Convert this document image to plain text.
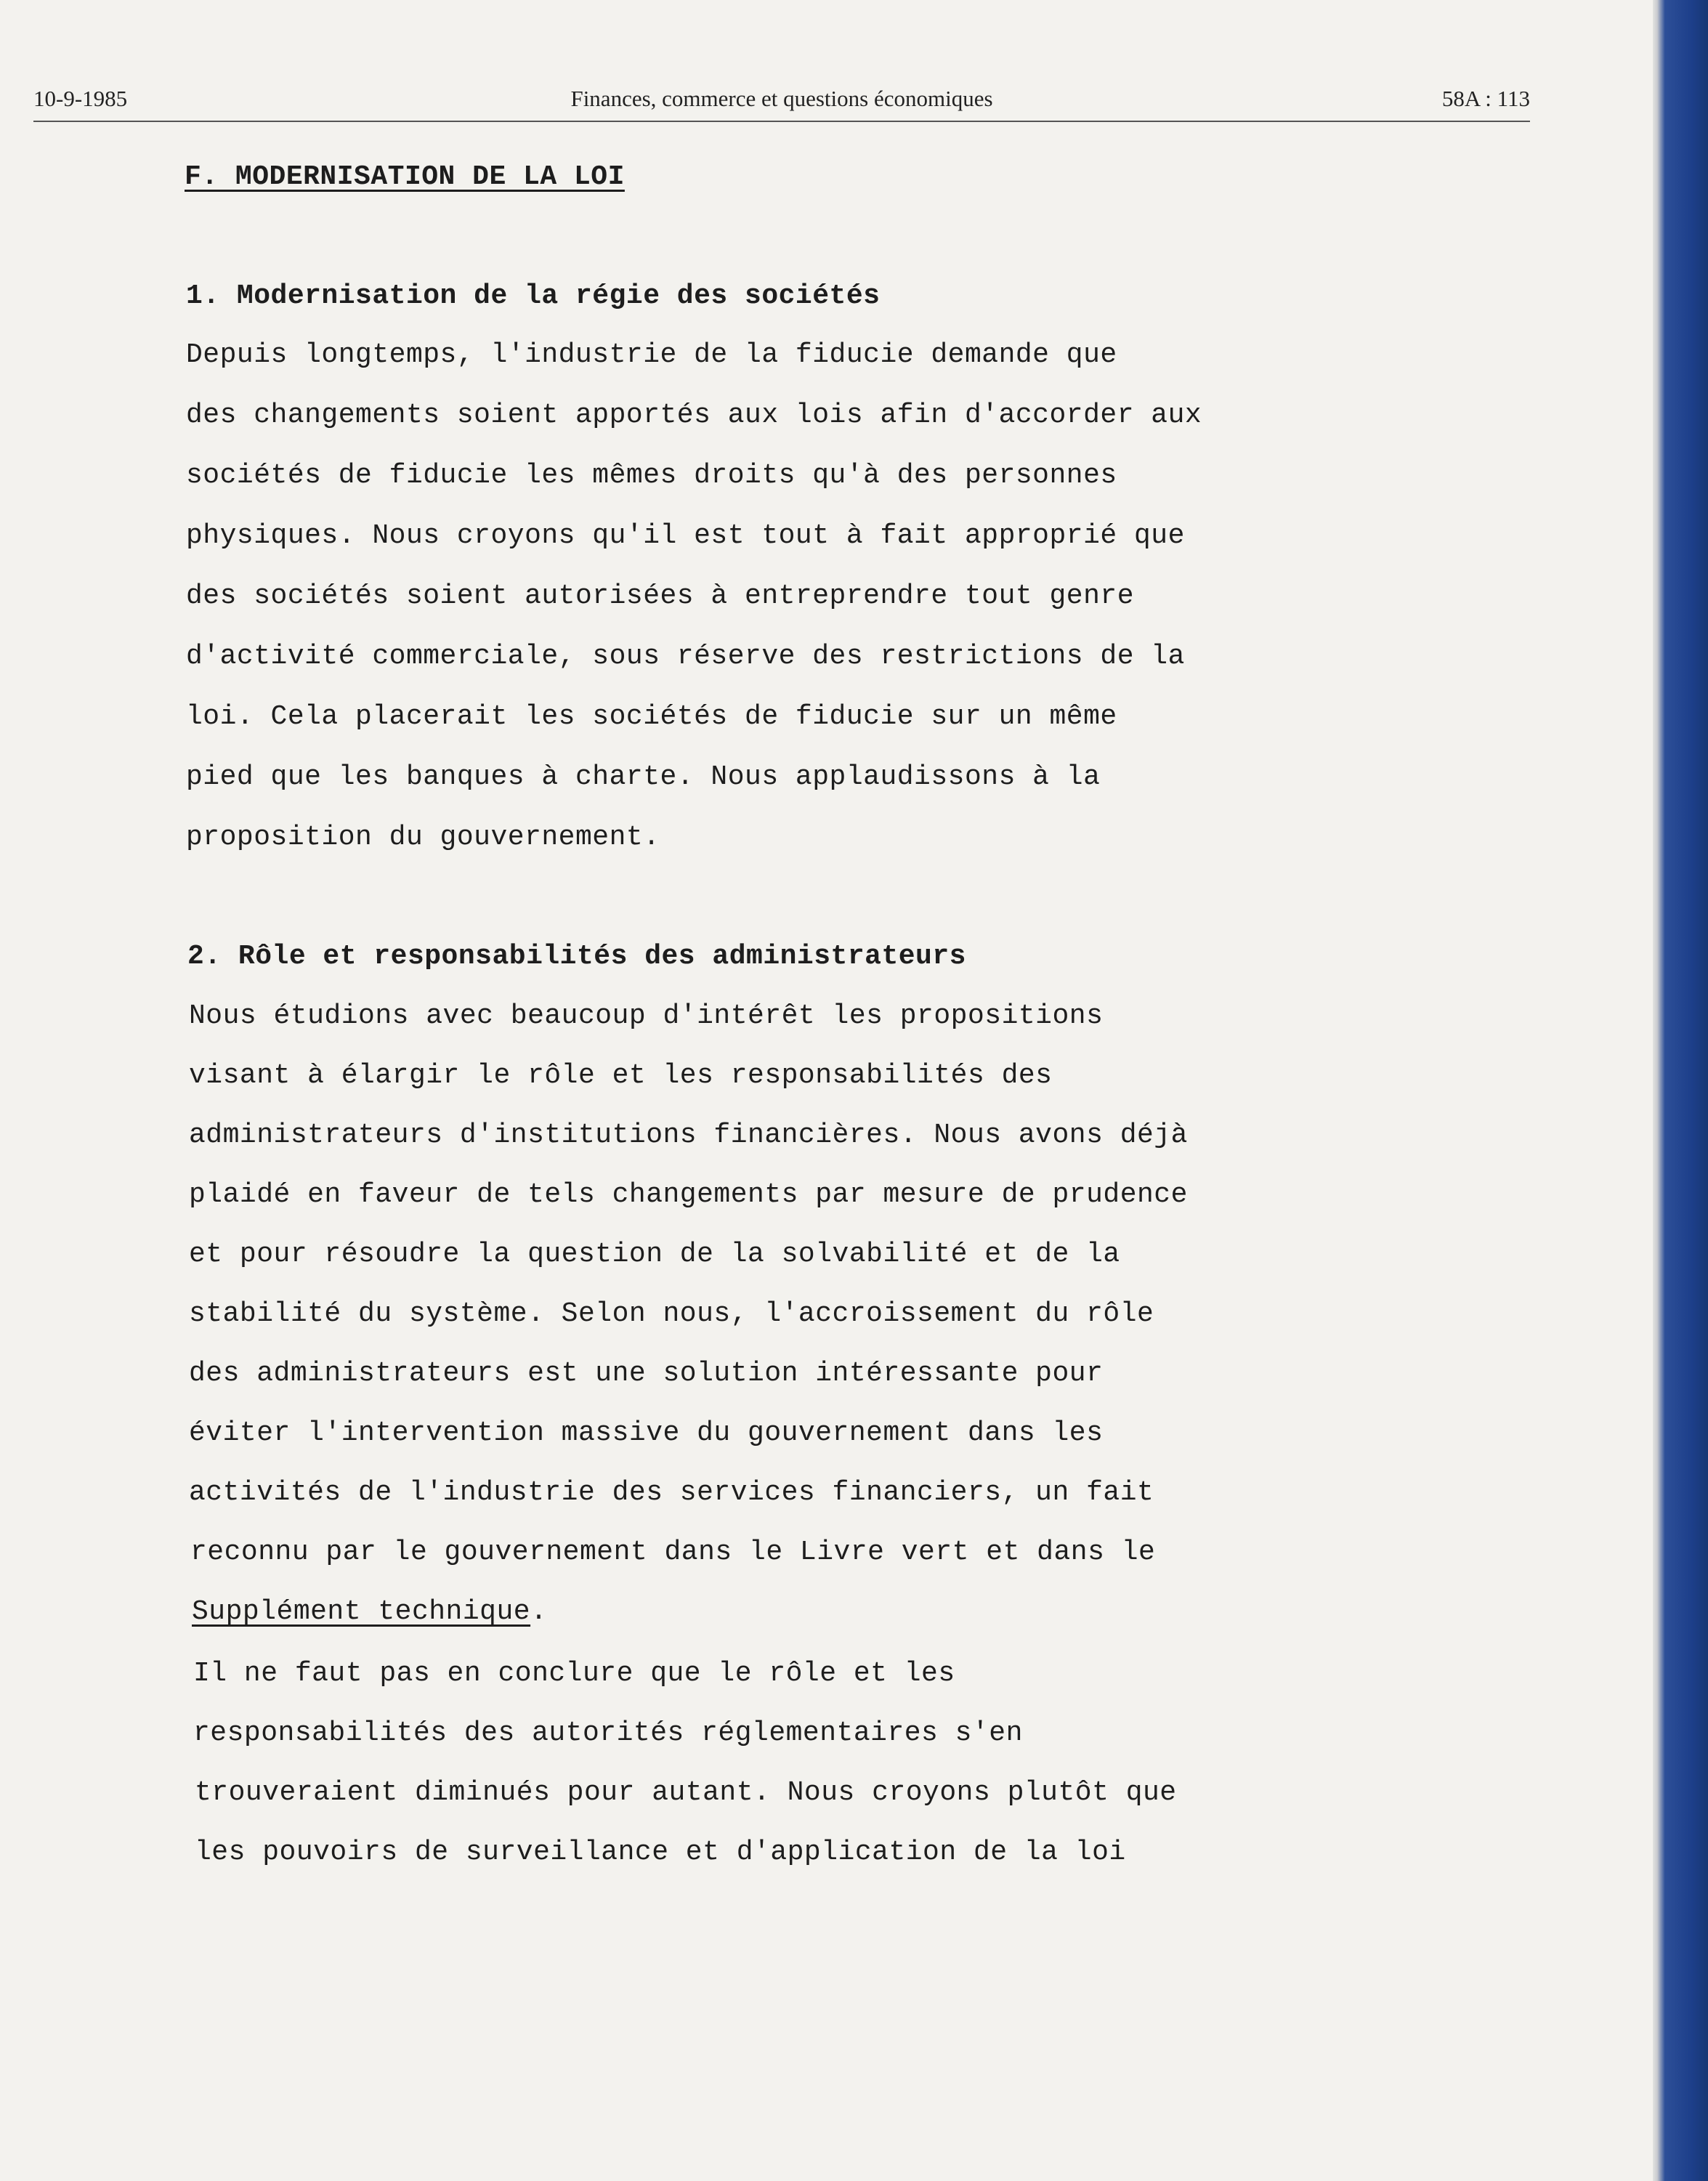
10-9-1985	Finances, commerce et questions économiques	58A : 113
F. MODERNISATION DE LA LOI
1. Modernisation de la régie des sociétés
Depuis longtemps, l'industrie de la fiducie demande que
des changements soient apportés aux lois afin d'accorder aux
sociétés de fiducie les mêmes droits qu'à des personnes
physiques. Nous croyons qu'il est tout à fait approprié que
des sociétés soient autorisées à entreprendre tout genre
d'activité commerciale, sous réserve des restrictions de la
loi. Cela placerait les sociétés de fiducie sur un même
pied que les banques à charte. Nous applaudissons à la
proposition du gouvernement.
2. Rôle et responsabilités des administrateurs
Nous étudions avec beaucoup d'intérêt les propositions
visant à élargir le rôle et les responsabilités des
administrateurs d'institutions financières. Nous avons déjà
plaidé en faveur de tels changements par mesure de prudence
et pour résoudre la question de la solvabilité et de la
stabilité du système. Selon nous, l'accroissement du rôle
des administrateurs est une solution intéressante pour
éviter l'intervention massive du gouvernement dans les
activités de l'industrie des services financiers, un fait
reconnu par le gouvernement dans le Livre vert et dans le
Supplément technique.
Il ne faut pas en conclure que le rôle et les
responsabilités des autorités réglementaires s'en
trouveraient diminués pour autant. Nous croyons plutôt que
les pouvoirs de surveillance et d'application de la loi
